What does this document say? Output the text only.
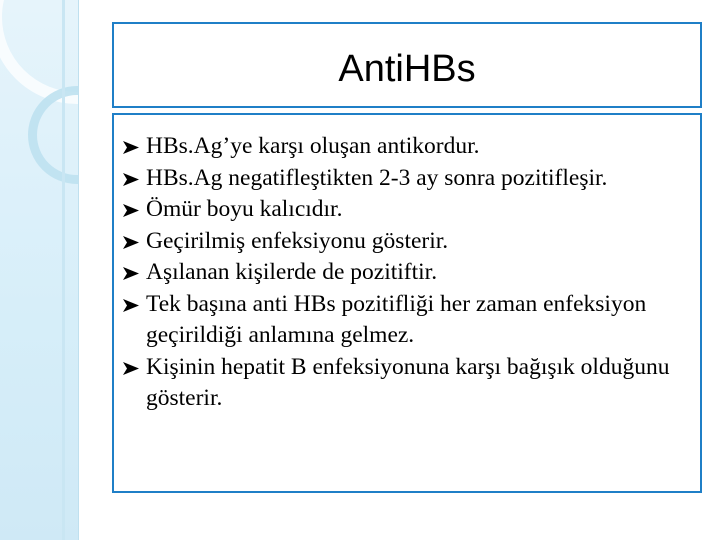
AntiHBs
HBs.Ag’ye karşı oluşan antikordur.
HBs.Ag negatifleştikten 2-3 ay sonra pozitifleşir.
Ömür boyu kalıcıdır.
Geçirilmiş enfeksiyonu gösterir.
Aşılanan kişilerde de pozitiftir.
Tek başına anti HBs pozitifliği her zaman enfeksiyon geçirildiği anlamına gelmez.
Kişinin hepatit B enfeksiyonuna karşı bağışık olduğunu gösterir.
